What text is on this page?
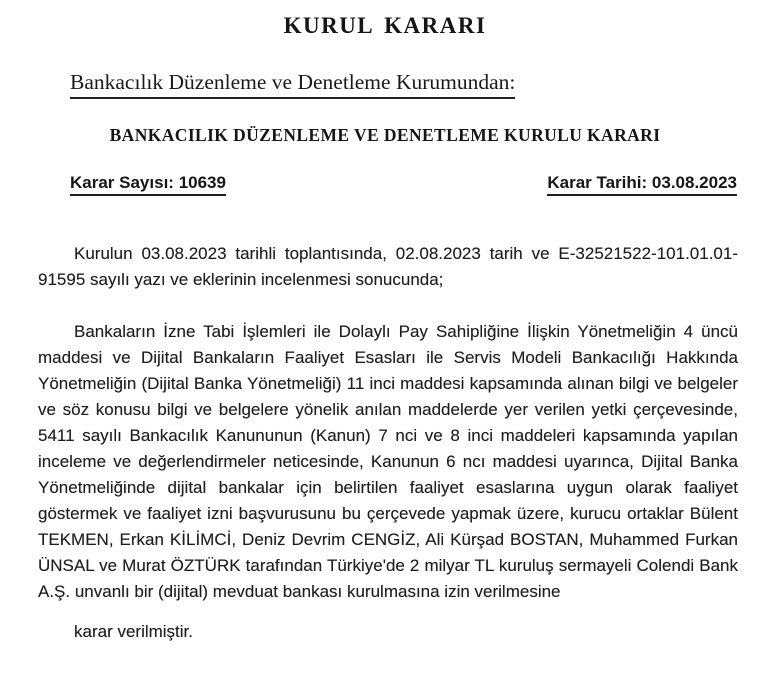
KURUL KARARI

Bankacılık Düzenleme ve Denetleme Kurumundan:

BANKACILIK DÜZENLEME VE DENETLEME KURULU KARARI
Karar Sayısı: 10639	Karar Tarihi: 03.08.2023

Kurulun 03.08.2023 tarihli toplantısında, 02.08.2023 tarih ve E-32521522-101.01.01-91595 sayılı yazı ve eklerinin incelenmesi sonucunda;

Bankaların İzne Tabi İşlemleri ile Dolaylı Pay Sahipliğine İlişkin Yönetmeliğin 4 üncü maddesi ve Dijital Bankaların Faaliyet Esasları ile Servis Modeli Bankacılığı Hakkında Yönetmeliğin (Dijital Banka Yönetmeliği) 11 inci maddesi kapsamında alınan bilgi ve belgeler ve söz konusu bilgi ve belgelere yönelik anılan maddelerde yer verilen yetki çerçevesinde, 5411 sayılı Bankacılık Kanununun (Kanun) 7 nci ve 8 inci maddeleri kapsamında yapılan inceleme ve değerlendirmeler neticesinde, Kanunun 6 ncı maddesi uyarınca, Dijital Banka Yönetmeliğinde dijital bankalar için belirtilen faaliyet esaslarına uygun olarak faaliyet göstermek ve faaliyet izni başvurusunu bu çerçevede yapmak üzere, kurucu ortaklar Bülent TEKMEN, Erkan KİLİMCİ, Deniz Devrim CENGİZ, Ali Kürşad BOSTAN, Muhammed Furkan ÜNSAL ve Murat ÖZTÜRK tarafından Türkiye'de 2 milyar TL kuruluş sermayeli Colendi Bank A.Ş. unvanlı bir (dijital) mevduat bankası kurulmasına izin verilmesine

karar verilmiştir.
